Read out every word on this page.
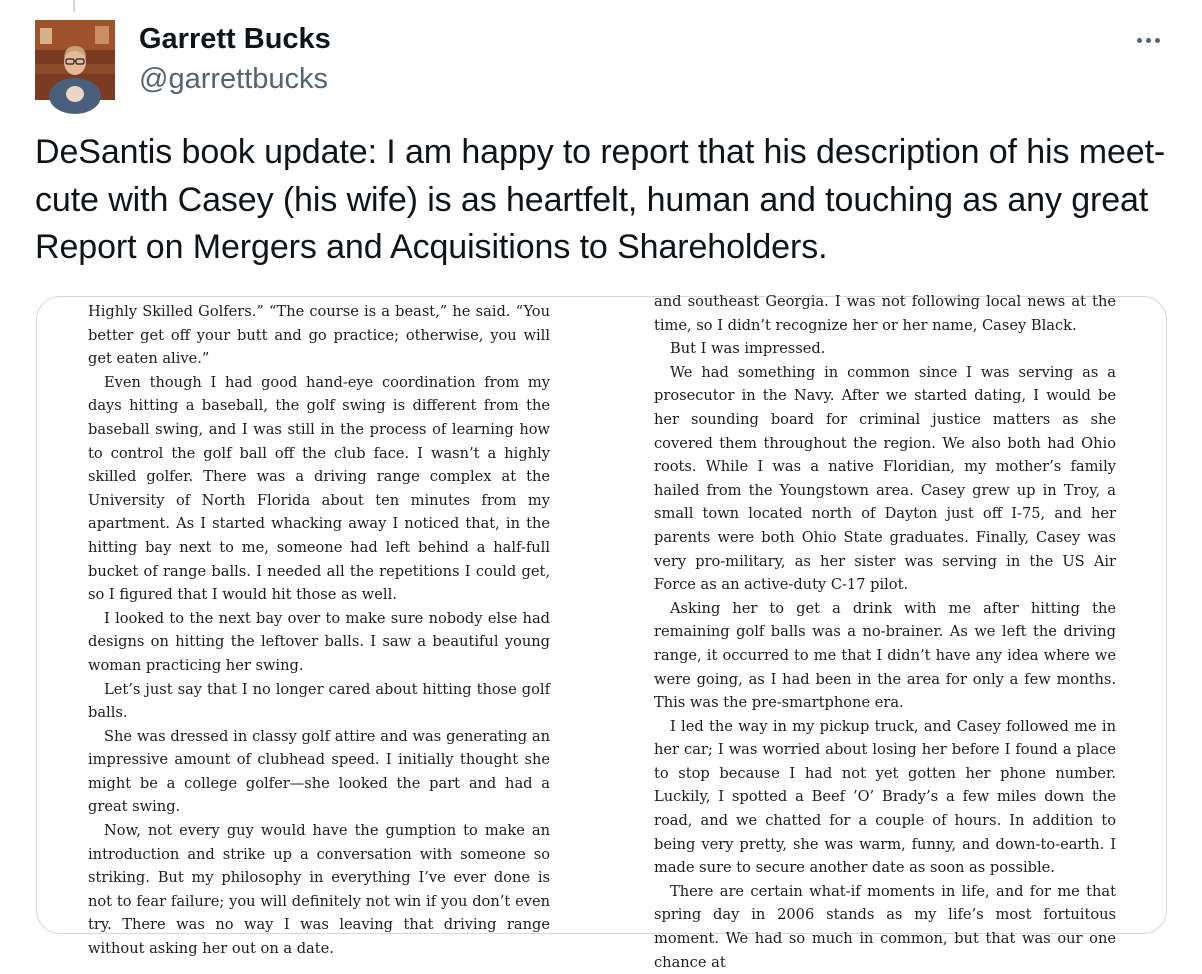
Garrett Bucks
@garrettbucks
DeSantis book update: I am happy to report that his description of his meet-cute with Casey (his wife) is as heartfelt, human and touching as any great Report on Mergers and Acquisitions to Shareholders.

Highly Skilled Golfers.” “The course is a beast,” he said. “You better get off your butt and go practice; otherwise, you will get eaten alive.”

Even though I had good hand-eye coordination from my days hitting a baseball, the golf swing is different from the baseball swing, and I was still in the process of learning how to control the golf ball off the club face. I wasn’t a highly skilled golfer. There was a driving range complex at the University of North Florida about ten minutes from my apartment. As I started whacking away I noticed that, in the hitting bay next to me, someone had left behind a half-full bucket of range balls. I needed all the repetitions I could get, so I figured that I would hit those as well.

I looked to the next bay over to make sure nobody else had designs on hitting the leftover balls. I saw a beautiful young woman practicing her swing.

Let’s just say that I no longer cared about hitting those golf balls.

She was dressed in classy golf attire and was generating an impressive amount of clubhead speed. I initially thought she might be a college golfer—she looked the part and had a great swing.

Now, not every guy would have the gumption to make an introduction and strike up a conversation with someone so striking. But my philosophy in everything I’ve ever done is not to fear failure; you will definitely not win if you don’t even try. There was no way I was leaving that driving range without asking her out on a date.

and southeast Georgia. I was not following local news at the time, so I didn’t recognize her or her name, Casey Black.

But I was impressed.

We had something in common since I was serving as a prosecutor in the Navy. After we started dating, I would be her sounding board for criminal justice matters as she covered them throughout the region. We also both had Ohio roots. While I was a native Floridian, my mother’s family hailed from the Youngstown area. Casey grew up in Troy, a small town located north of Dayton just off I-75, and her parents were both Ohio State graduates. Finally, Casey was very pro-military, as her sister was serving in the US Air Force as an active-duty C-17 pilot.

Asking her to get a drink with me after hitting the remaining golf balls was a no-brainer. As we left the driving range, it occurred to me that I didn’t have any idea where we were going, as I had been in the area for only a few months. This was the pre-smartphone era.

I led the way in my pickup truck, and Casey followed me in her car; I was worried about losing her before I found a place to stop because I had not yet gotten her phone number. Luckily, I spotted a Beef ’O’ Brady’s a few miles down the road, and we chatted for a couple of hours. In addition to being very pretty, she was warm, funny, and down-to-earth. I made sure to secure another date as soon as possible.

There are certain what-if moments in life, and for me that spring day in 2006 stands as my life’s most fortuitous moment. We had so much in common, but that was our one chance at
